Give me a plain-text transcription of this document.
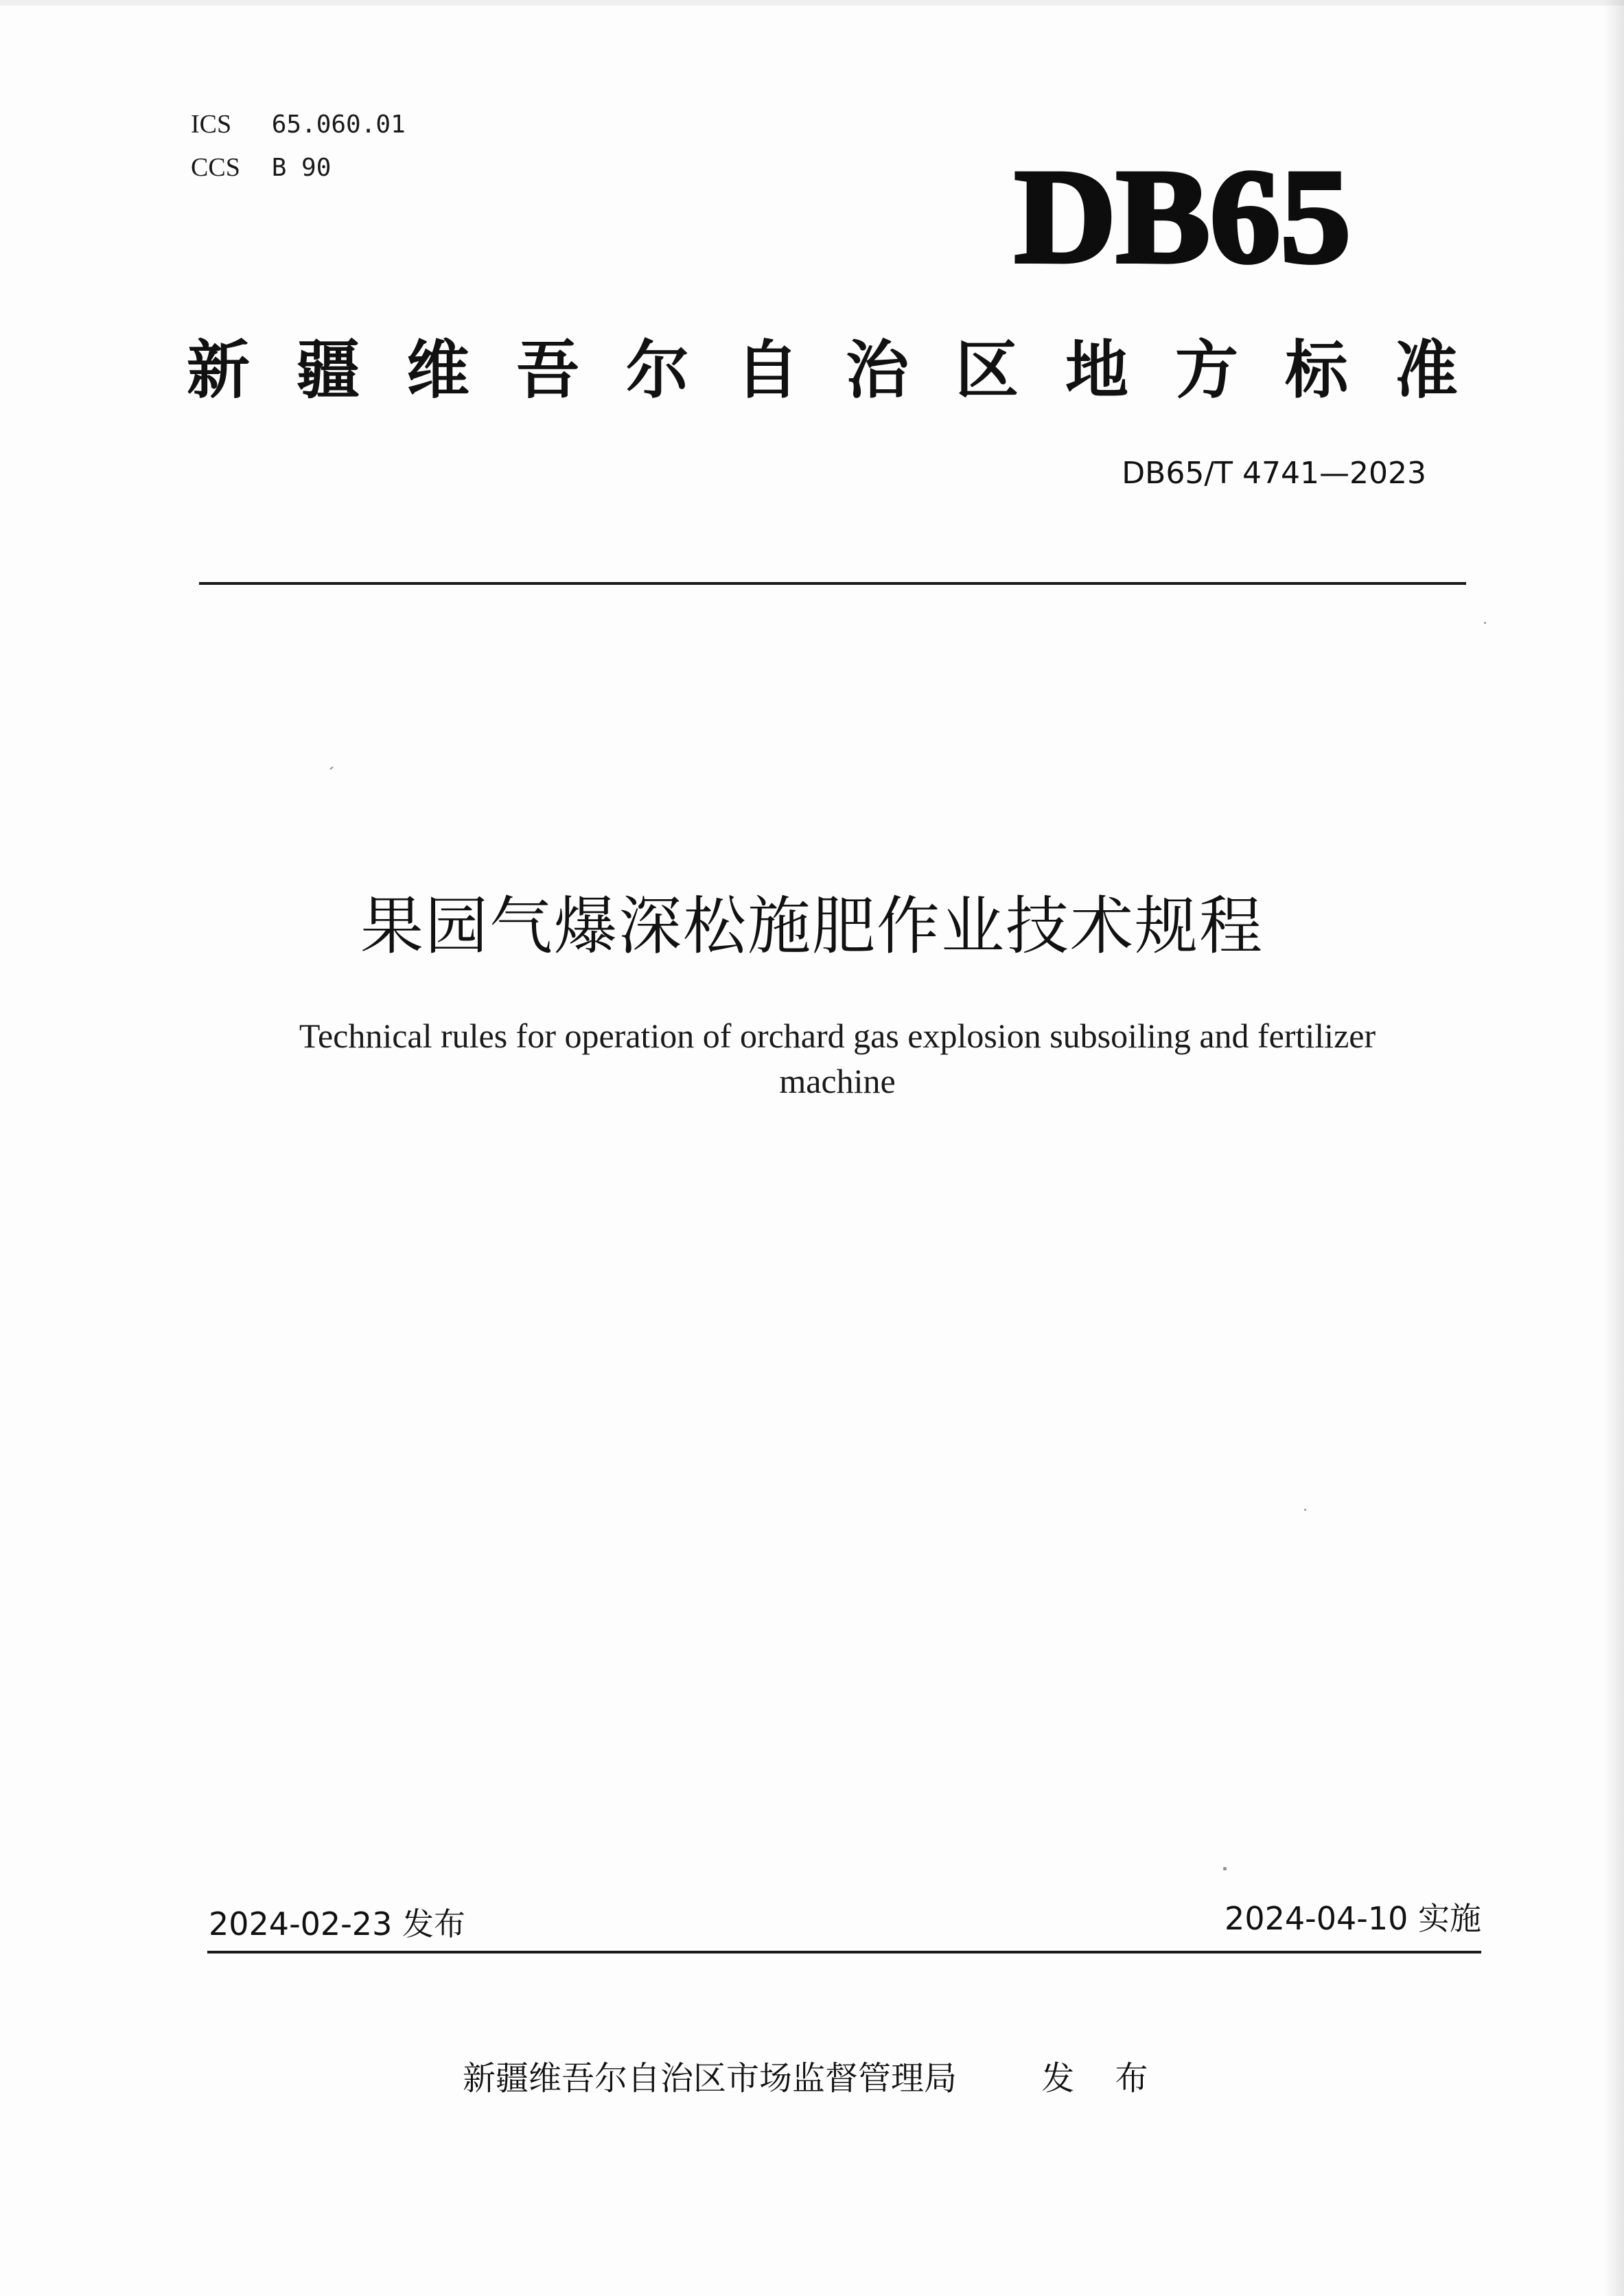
ICS 65.060.01
CCS B 90	DB65
新疆维吾尔自治区地方标准
DB65/T 4741—2023
果园气爆深松施肥作业技术规程
Technical rules for operation of orchard gas explosion subsoiling and fertilizer
machine
2024-02-23 发布	2024-04-10 实施
新疆维吾尔自治区市场监督管理局	发 布
